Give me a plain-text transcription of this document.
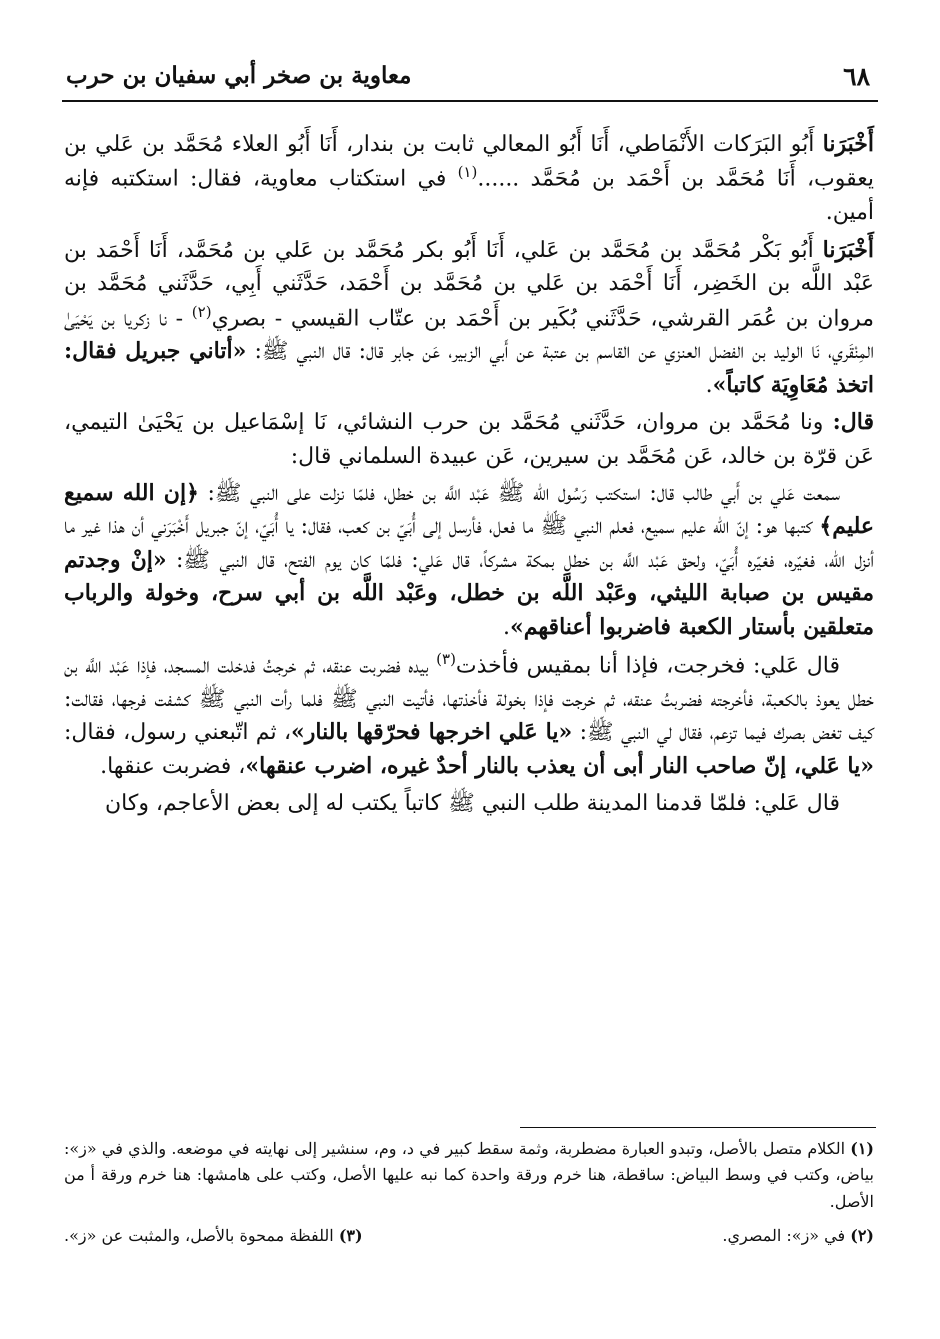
٦٨
معاوية بن صخر أبي سفيان بن حرب

أَخْبَرَنا أَبُو البَرَكات الأَنْمَاطي، أَنَا أَبُو المعالي ثابت بن بندار، أَنَا أَبُو العلاء مُحَمَّد بن عَلي بن يعقوب، أَنَا مُحَمَّد بن أَحْمَد بن مُحَمَّد ......$^{(١)}$ في استكتاب معاوية، فقال: استكتبه فإنه أمين.

أَخْبَرَنا أَبُو بَكْر مُحَمَّد بن مُحَمَّد بن عَلي، أَنَا أَبُو بكر مُحَمَّد بن عَلي بن مُحَمَّد، أَنَا أَحْمَد بن عَبْد اللَّه بن الخَضِر، أَنَا أَحْمَد بن عَلي بن مُحَمَّد بن أَحْمَد، حَدَّثَني أَبِي، حَدَّثَني مُحَمَّد بن مروان بن عُمَر القرشي، حَدَّثَني بُكَير بن أَحْمَد بن عتّاب القيسي - بصري$^{(٢)}$ - نا زكريا بن يَحْيَىٰ المِنْقَري، نَا الوليد بن الفضل العنزي عن القاسم بن عتبة عن أَبي الزبير، عَن جابر قال: قال النبي ﷺ: «أتاني جبريل فقال: اتخذ مُعَاوِيَة كاتباً».

قال: ونا مُحَمَّد بن مروان، حَدَّثَني مُحَمَّد بن حرب النشائي، نَا إسْمَاعيل بن يَحْيَىٰ التيمي، عَن قرّة بن خالد، عَن مُحَمَّد بن سيرين، عَن عبيدة السلماني قال:

سمعت عَلي بن أَبي طالب قال: استكتب رَسُول الله ﷺ عَبْد اللَّه بن خطل، فلمّا نزلت على النبي ﷺ: ﴿إن الله سميع عليم﴾ كتبها هو: إنّ الله عليم سميع، فعلم النبي ﷺ ما فعل، فأرسل إلى أُبَيّ بن كعب، فقال: يا أُبَيّ، إنّ جبريل أَخْبَرَني أن هذا غير ما أنزل الله، فغيّره، فغيّره أُبَيّ، ولحق عَبْد اللَّه بن خطل بمكة مشركاً، قال عَلي: فلمّا كان يوم الفتح، قال النبي ﷺ: «إنْ وجدتم مقيس بن صبابة الليثي، وعَبْد اللَّه بن خطل، وعَبْد اللَّه بن أبي سرح، وخولة والرباب متعلقين بأستار الكعبة فاضربوا أعناقهم».

قال عَلي: فخرجت، فإذا أنا بمقيس فأخذت$^{(٣)}$ بيده فضربت عنقه، ثم خرجتُ فدخلت المسجد، فإذا عَبْد اللَّه بن خطل يعوذ بالكعبة، فأخرجته فضربتُ عنقه، ثم خرجت فإذا بخولة فأخذتها، فأتيت النبي ﷺ فلما رأت النبي ﷺ كشفت فرجها، فقالت: كيف تغض بصرك فيما تزعم، فقال لي النبي ﷺ: «يا عَلي اخرجها فحرّقها بالنار»، ثم اتّبعني رسول، فقال: «يا عَلي، إنّ صاحب النار أبى أن يعذب بالنار أحدٌ غيره، اضرب عنقها»، فضربت عنقها.

قال عَلي: فلمّا قدمنا المدينة طلب النبي ﷺ كاتباً يكتب له إلى بعض الأعاجم، وكان

(١) الكلام متصل بالأصل، وتبدو العبارة مضطربة، وثمة سقط كبير في د، وم، سنشير إلى نهايته في موضعه. والذي في «ز»: بياض، وكتب في وسط البياض: ساقطة، هنا خرم ورقة واحدة كما نبه عليها الأصل، وكتب على هامشها: هنا خرم ورقة أ من الأصل.

(٢) في «ز»: المصري.
(٣) اللفظة ممحوة بالأصل، والمثبت عن «ز».
